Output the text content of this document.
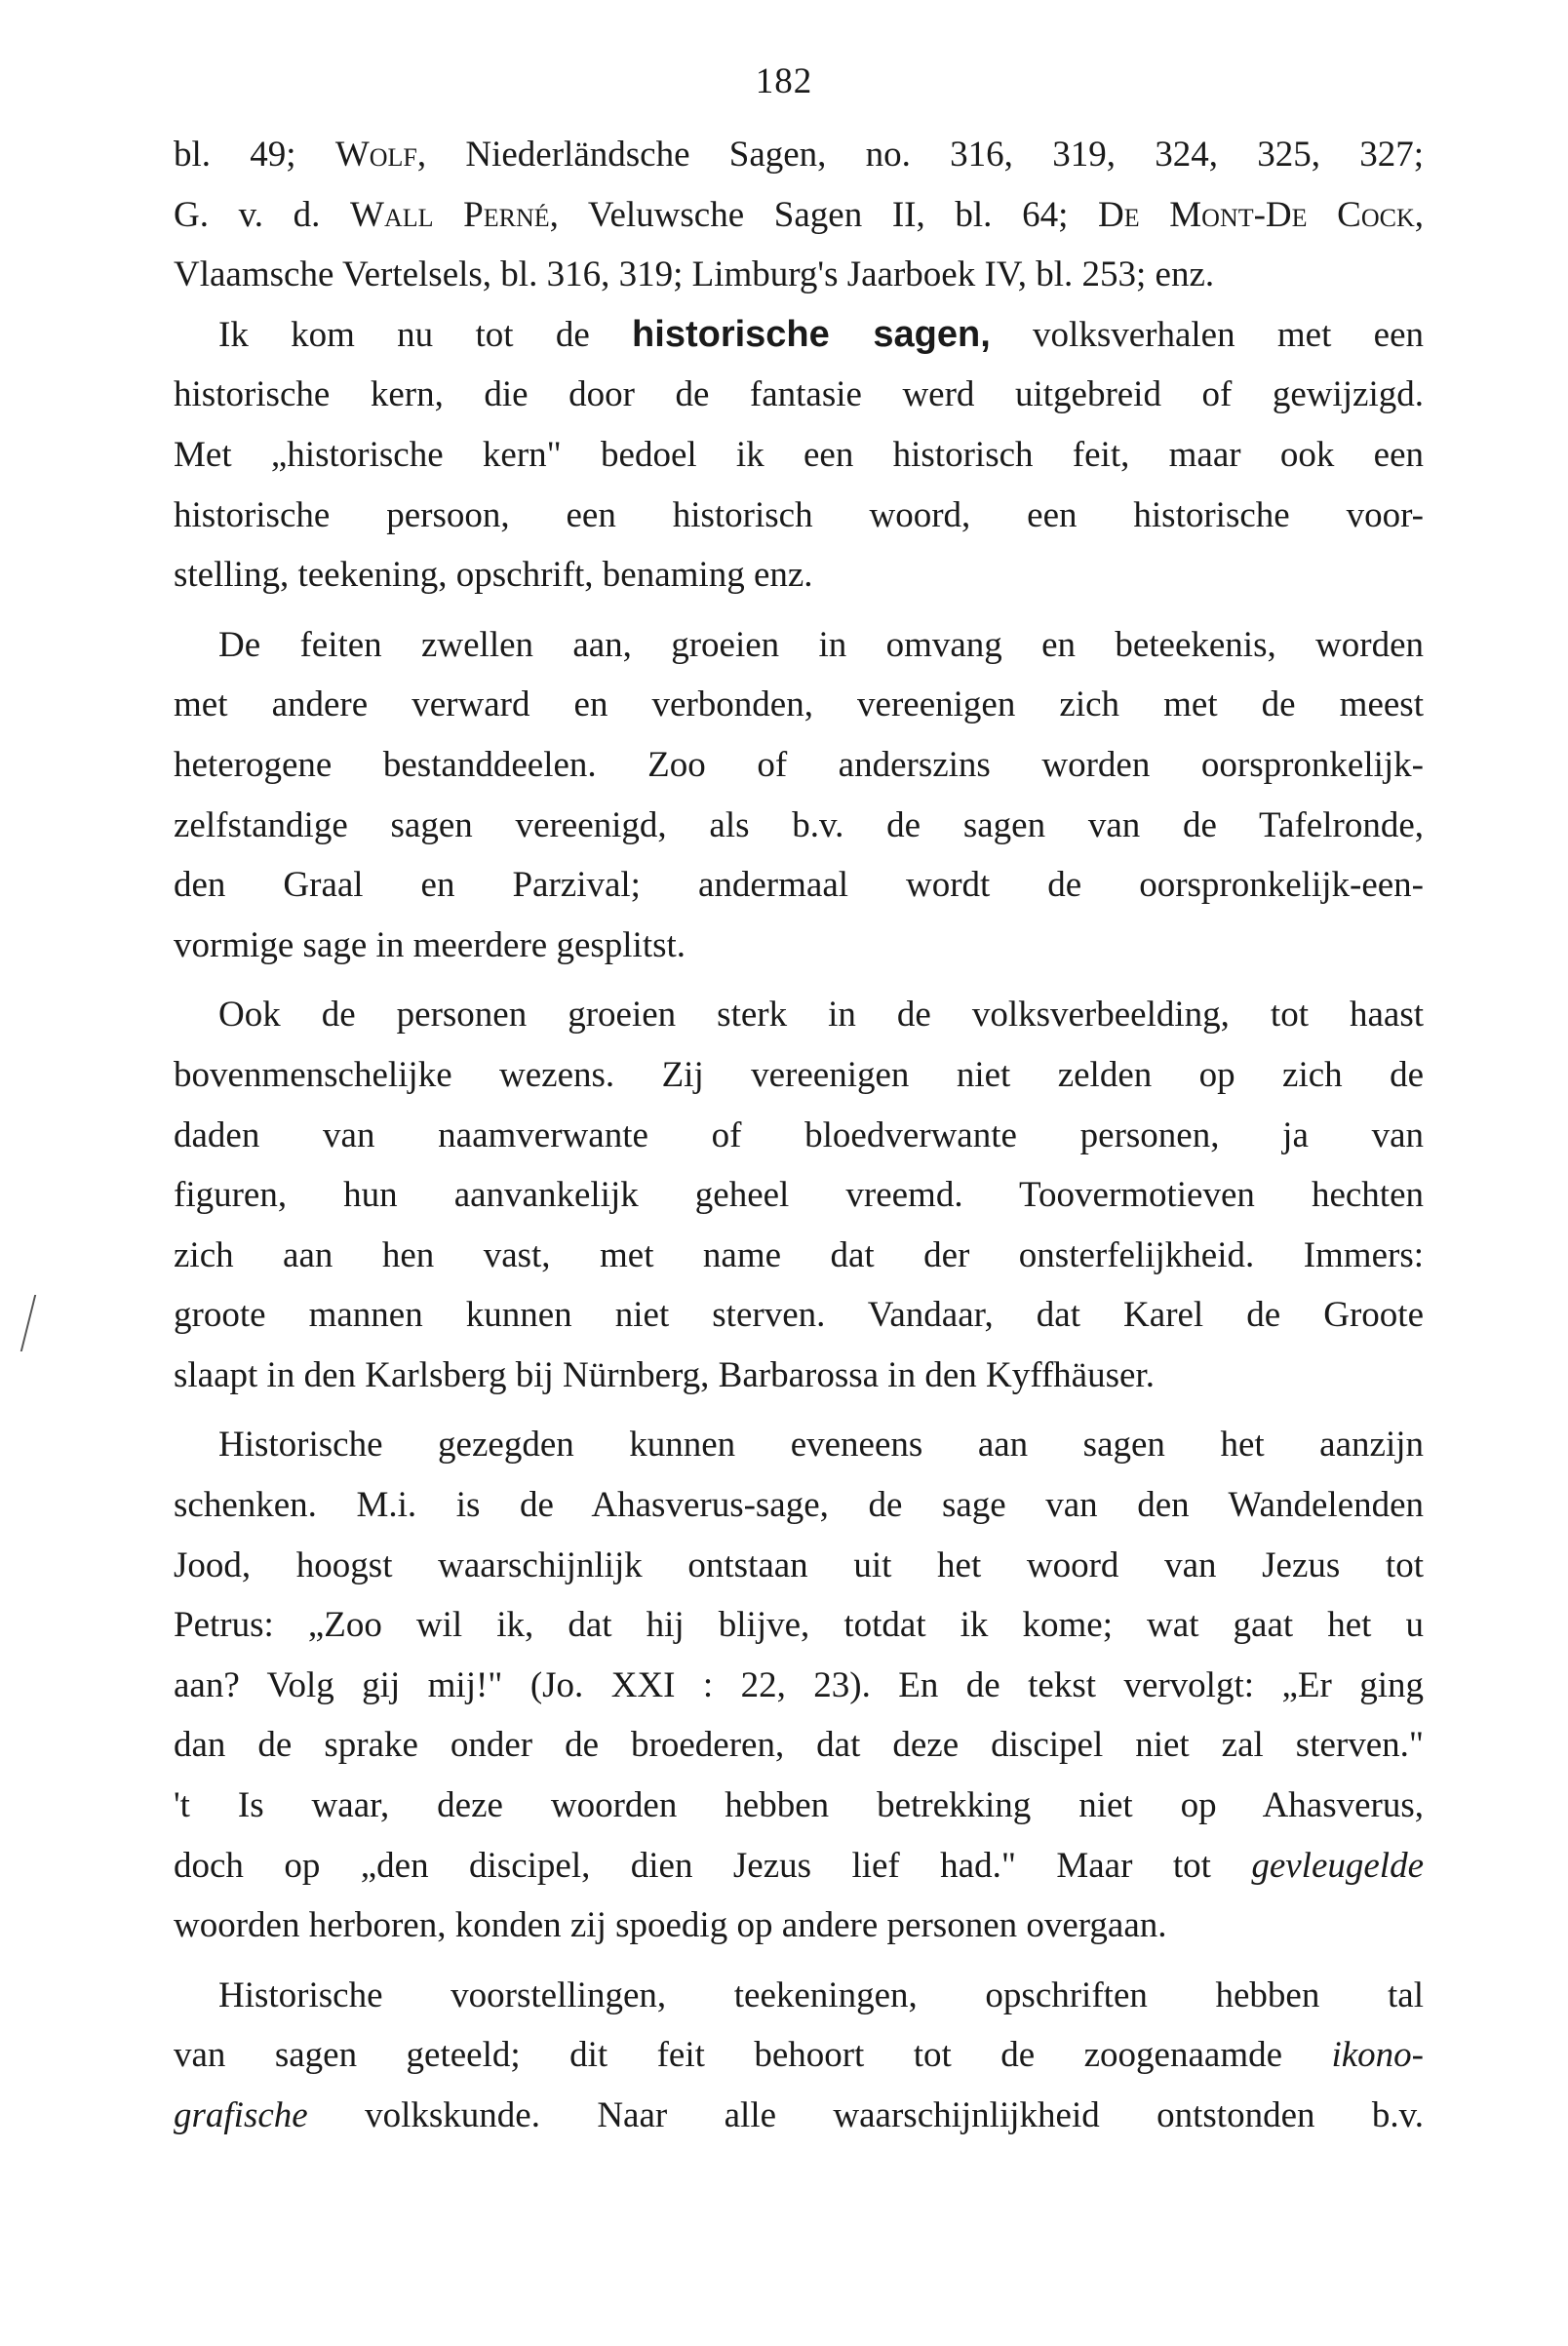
182
bl. 49; Wolf, Niederländsche Sagen, no. 316, 319, 324, 325, 327;
G. v. d. Wall Perné, Veluwsche Sagen II, bl. 64; De Mont-De Cock,
Vlaamsche Vertelsels, bl. 316, 319; Limburg's Jaarboek IV, bl. 253; enz.
Ik kom nu tot de historische sagen, volksverhalen met een
historische kern, die door de fantasie werd uitgebreid of gewijzigd.
Met „historische kern" bedoel ik een historisch feit, maar ook een
historische persoon, een historisch woord, een historische voor-
stelling, teekening, opschrift, benaming enz.
De feiten zwellen aan, groeien in omvang en beteekenis, worden
met andere verward en verbonden, vereenigen zich met de meest
heterogene bestanddeelen. Zoo of anderszins worden oorspronkelijk-
zelfstandige sagen vereenigd, als b.v. de sagen van de Tafelronde,
den Graal en Parzival; andermaal wordt de oorspronkelijk-een-
vormige sage in meerdere gesplitst.
Ook de personen groeien sterk in de volksverbeelding, tot haast
bovenmenschelijke wezens. Zij vereenigen niet zelden op zich de
daden van naamverwante of bloedverwante personen, ja van
figuren, hun aanvankelijk geheel vreemd. Toovermotieven hechten
zich aan hen vast, met name dat der onsterfelijkheid. Immers:
groote mannen kunnen niet sterven. Vandaar, dat Karel de Groote
slaapt in den Karlsberg bij Nürnberg, Barbarossa in den Kyffhäuser.
Historische gezegden kunnen eveneens aan sagen het aanzijn
schenken. M.i. is de Ahasverus-sage, de sage van den Wandelenden
Jood, hoogst waarschijnlijk ontstaan uit het woord van Jezus tot
Petrus: „Zoo wil ik, dat hij blijve, totdat ik kome; wat gaat het u
aan? Volg gij mij!" (Jo. XXI : 22, 23). En de tekst vervolgt: „Er ging
dan de sprake onder de broederen, dat deze discipel niet zal sterven."
't Is waar, deze woorden hebben betrekking niet op Ahasverus,
doch op „den discipel, dien Jezus lief had." Maar tot gevleugelde
woorden herboren, konden zij spoedig op andere personen overgaan.
Historische voorstellingen, teekeningen, opschriften hebben tal
van sagen geteeld; dit feit behoort tot de zoogenaamde ikono-
grafische volkskunde. Naar alle waarschijnlijkheid ontstonden b.v.
